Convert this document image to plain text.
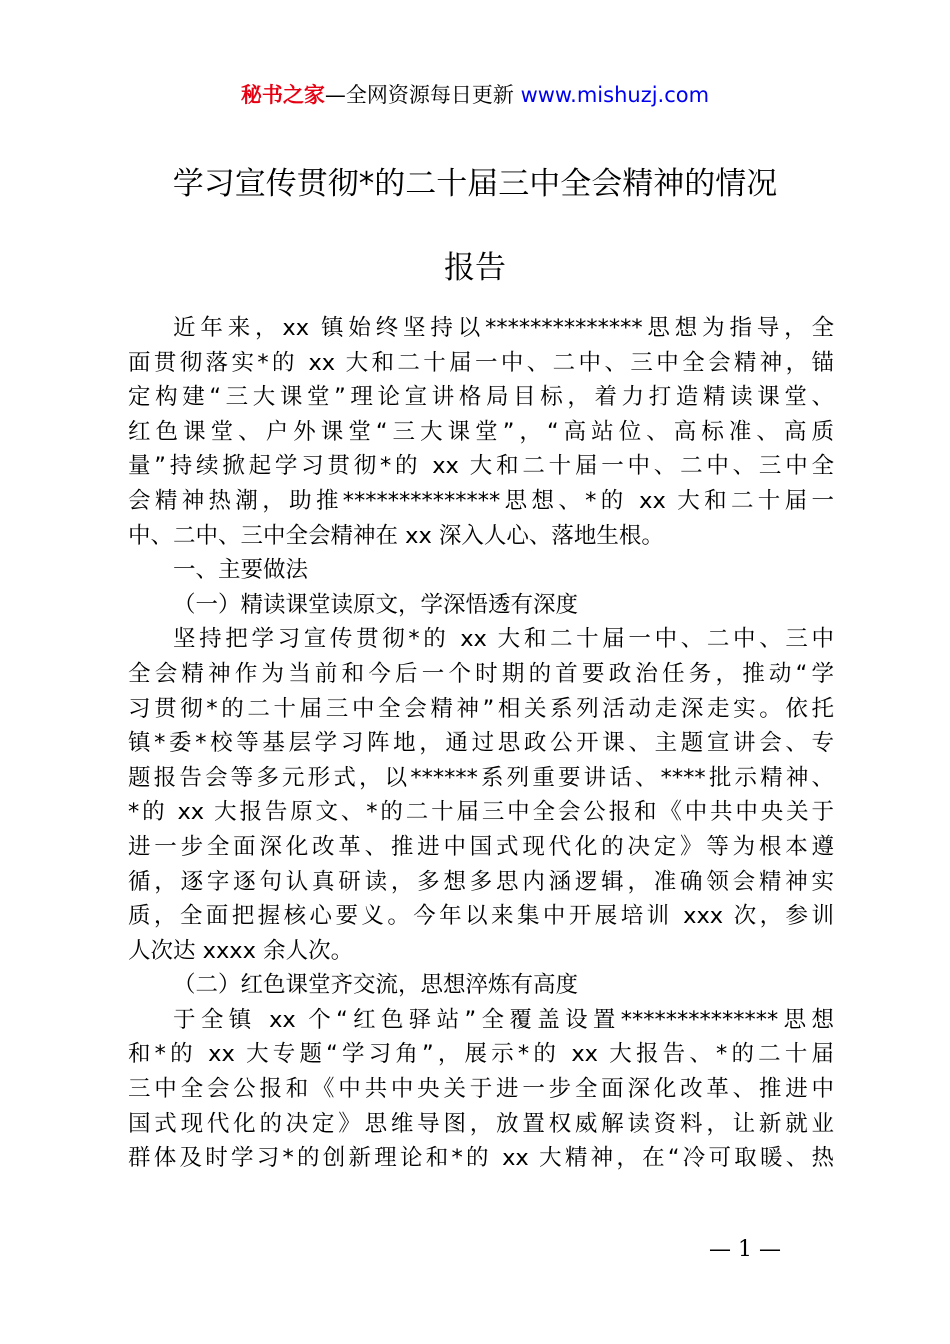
秘书之家—全网资源每日更新 www.mishuzj.com
学习宣传贯彻*的二十届三中全会精神的情况
报告

近年来，xx 镇始终坚持以**************思想为指导，全
面贯彻落实*的 xx 大和二十届一中、二中、三中全会精神，锚
定构建“三大课堂”理论宣讲格局目标，着力打造精读课堂、
红色课堂、户外课堂“三大课堂”，“高站位、高标准、高质
量”持续掀起学习贯彻*的 xx 大和二十届一中、二中、三中全
会精神热潮，助推**************思想、*的 xx 大和二十届一
中、二中、三中全会精神在 xx 深入人心、落地生根。

一、主要做法

（一）精读课堂读原文，学深悟透有深度

坚持把学习宣传贯彻*的 xx 大和二十届一中、二中、三中
全会精神作为当前和今后一个时期的首要政治任务，推动“学
习贯彻*的二十届三中全会精神”相关系列活动走深走实。依托
镇*委*校等基层学习阵地，通过思政公开课、主题宣讲会、专
题报告会等多元形式，以******系列重要讲话、****批示精神、
*的 xx 大报告原文、*的二十届三中全会公报和《中共中央关于
进一步全面深化改革、推进中国式现代化的决定》等为根本遵
循，逐字逐句认真研读，多想多思内涵逻辑，准确领会精神实
质，全面把握核心要义。今年以来集中开展培训 xxx 次，参训
人次达 xxxx 余人次。

（二）红色课堂齐交流，思想淬炼有高度

于全镇 xx 个“红色驿站”全覆盖设置**************思想
和*的 xx 大专题“学习角”，展示*的 xx 大报告、*的二十届
三中全会公报和《中共中央关于进一步全面深化改革、推进中
国式现代化的决定》思维导图，放置权威解读资料，让新就业
群体及时学习*的创新理论和*的 xx 大精神，在“冷可取暖、热

— 1 —
